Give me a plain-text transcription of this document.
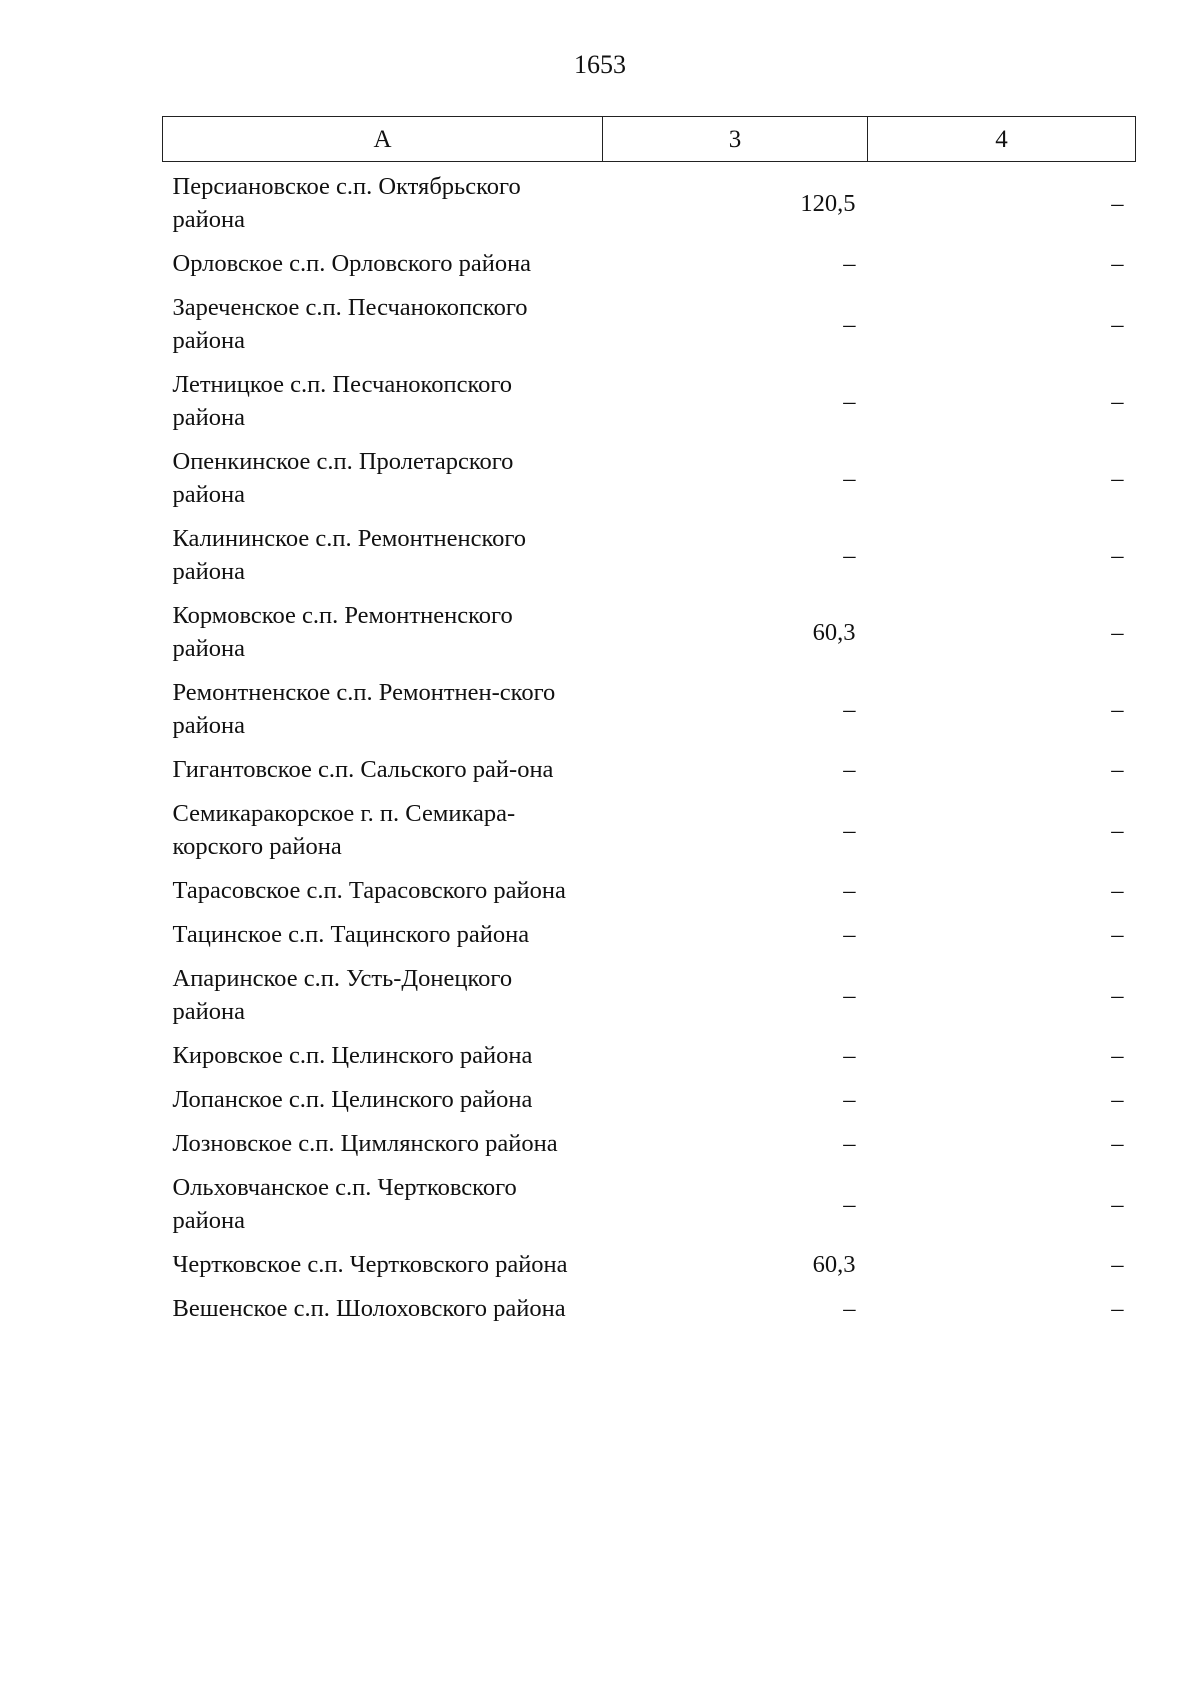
1653
А	3	4
Персиановское с.п. Октябрьского района	120,5	–
Орловское с.п. Орловского района	–	–
Зареченское с.п. Песчанокопского района	–	–
Летницкое с.п. Песчанокопского района	–	–
Опенкинское с.п. Пролетарского района	–	–
Калининское с.п. Ремонтненского района	–	–
Кормовское с.п. Ремонтненского района	60,3	–
Ремонтненское с.п. Ремонтнен-ского района	–	–
Гигантовское с.п. Сальского рай-она	–	–
Семикаракорское г. п. Семикара-корского района	–	–
Тарасовское с.п. Тарасовского района	–	–
Тацинское с.п. Тацинского района	–	–
Апаринское с.п. Усть-Донецкого района	–	–
Кировское с.п. Целинского района	–	–
Лопанское с.п. Целинского района	–	–
Лозновское с.п. Цимлянского района	–	–
Ольховчанское с.п. Чертковского района	–	–
Чертковское с.п. Чертковского района	60,3	–
Вешенское с.п. Шолоховского района	–	–
